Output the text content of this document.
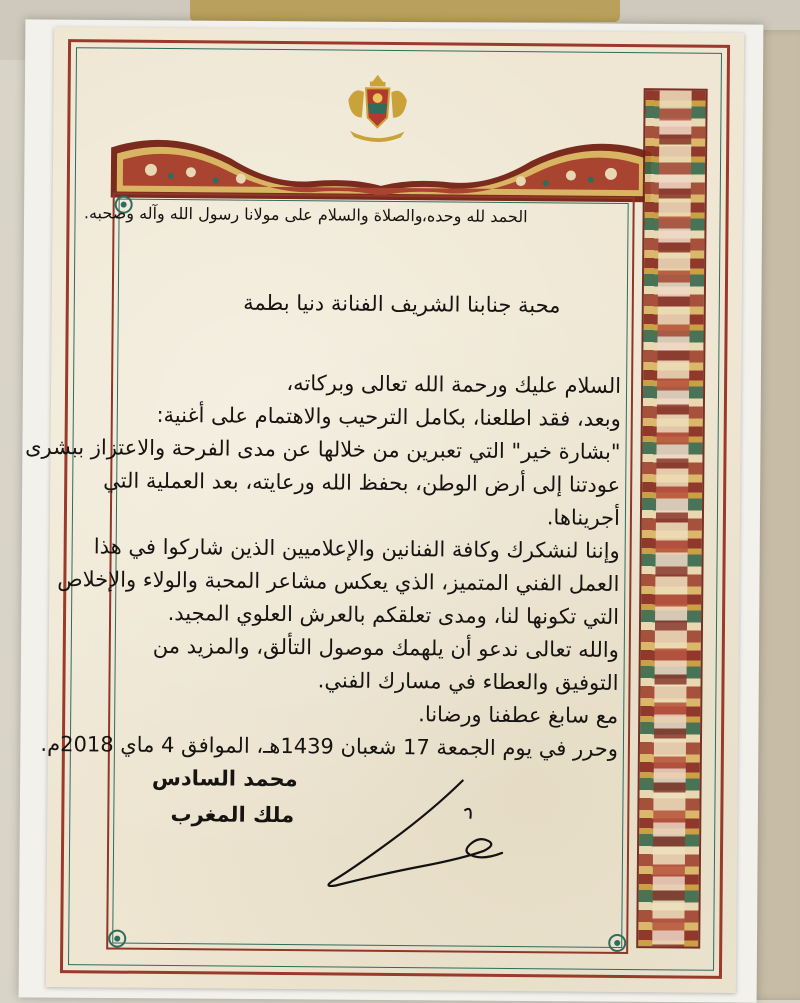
الحمد لله وحده،
والصلاة والسلام على مولانا رسول الله وآله وصحبه.
محبة جنابنا الشريف الفنانة دنيا بطمة
السلام عليك ورحمة الله تعالى وبركاته،
وبعد، فقد اطلعنا، بكامل الترحيب والاهتمام على أغنية:
"بشارة خير" التي تعبرين من خلالها عن مدى الفرحة والاعتزاز ببشرى
عودتنا إلى أرض الوطن، بحفظ الله ورعايته، بعد العملية التي
أجريناها.
وإننا لنشكرك وكافة الفنانين والإعلاميين الذين شاركوا في هذا
العمل الفني المتميز، الذي يعكس مشاعر المحبة والولاء والإخلاص
التي تكونها لنا، ومدى تعلقكم بالعرش العلوي المجيد.
والله تعالى ندعو أن يلهمك موصول التألق، والمزيد من
التوفيق والعطاء في مسارك الفني.
مع سابغ عطفنا ورضانا.
وحرر في يوم الجمعة 17 شعبان 1439هـ، الموافق 4 ماي 2018م.
محمد السادس
ملك المغرب
